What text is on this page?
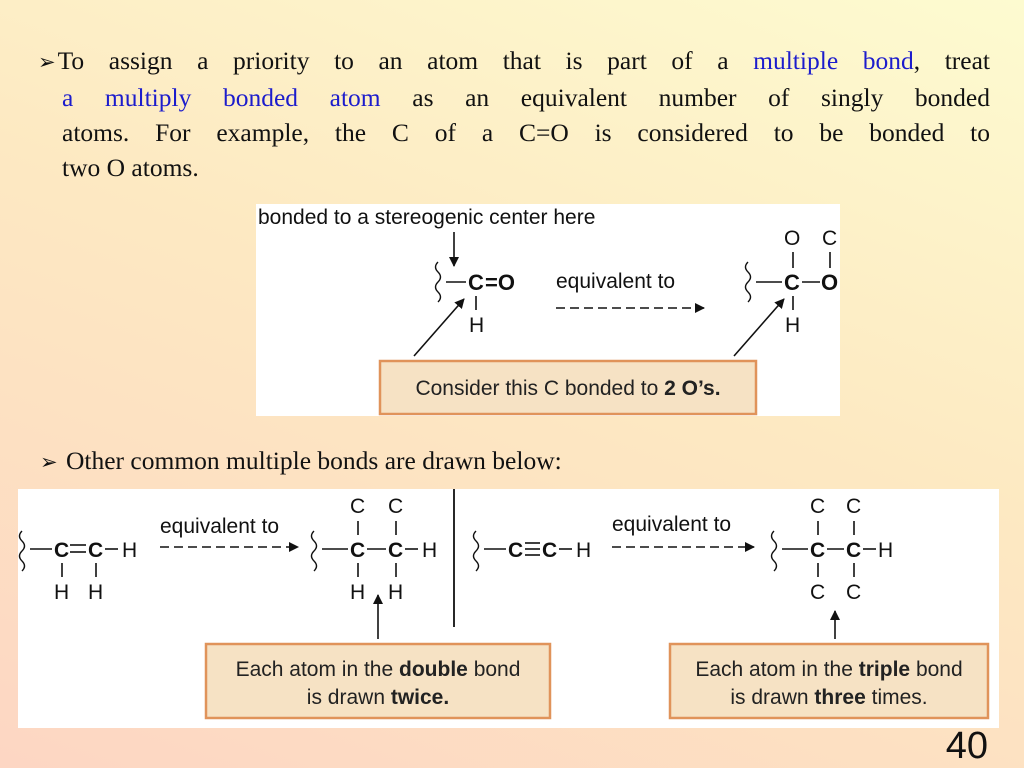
➢To assign a priority to an atom that is part of a multiple bond, treat
a multiply bonded atom as an equivalent number of singly bonded
atoms. For example, the C of a C=O is considered to be bonded to
two O atoms.
bonded to a stereogenic center here
C =O
H
equivalent to
O C
C O
H
Consider this C bonded to 2 O’s.
➢ Other common multiple bonds are drawn below:
C C H
H H
equivalent to
C C
C C H
H H
Each atom in the double bond
is drawn twice.
C C H
equivalent to
C C
C C H
C C
Each atom in the triple bond
is drawn three times.
40
